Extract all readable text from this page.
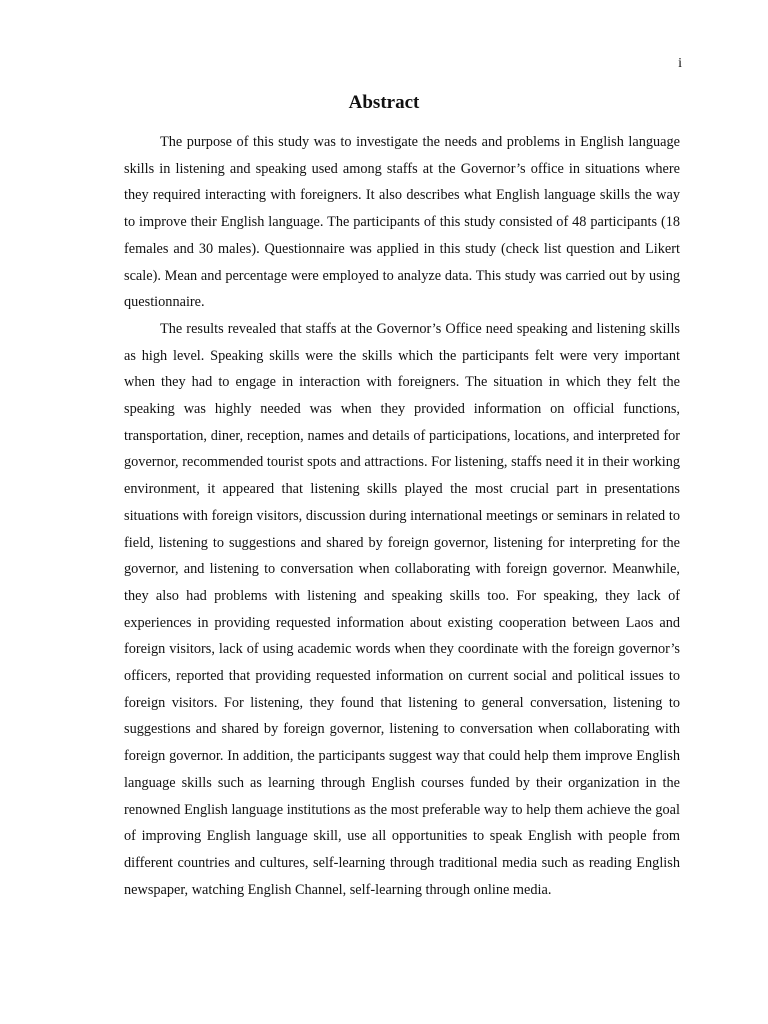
i
Abstract

The purpose of this study was to investigate the needs and problems in English language skills in listening and speaking used among staffs at the Governor’s office in situations where they required interacting with foreigners. It also describes what English language skills the way to improve their English language. The participants of this study consisted of 48 participants (18 females and 30 males). Questionnaire was applied in this study (check list question and Likert scale). Mean and percentage were employed to analyze data. This study was carried out by using questionnaire.

The results revealed that staffs at the Governor’s Office need speaking and listening skills as high level. Speaking skills were the skills which the participants felt were very important when they had to engage in interaction with foreigners. The situation in which they felt the speaking was highly needed was when they provided information on official functions, transportation, diner, reception, names and details of participations, locations, and interpreted for governor, recommended tourist spots and attractions. For listening, staffs need it in their working environment, it appeared that listening skills played the most crucial part in presentations situations with foreign visitors, discussion during international meetings or seminars in related to field, listening to suggestions and shared by foreign governor, listening for interpreting for the governor, and listening to conversation when collaborating with foreign governor. Meanwhile, they also had problems with listening and speaking skills too. For speaking, they lack of experiences in providing requested information about existing cooperation between Laos and foreign visitors, lack of using academic words when they coordinate with the foreign governor’s officers, reported that providing requested information on current social and political issues to foreign visitors. For listening, they found that listening to general conversation, listening to suggestions and shared by foreign governor, listening to conversation when collaborating with foreign governor. In addition, the participants suggest way that could help them improve English language skills such as learning through English courses funded by their organization in the renowned English language institutions as the most preferable way to help them achieve the goal of improving English language skill, use all opportunities to speak English with people from different countries and cultures, self-learning through traditional media such as reading English newspaper, watching English Channel, self-learning through online media.
